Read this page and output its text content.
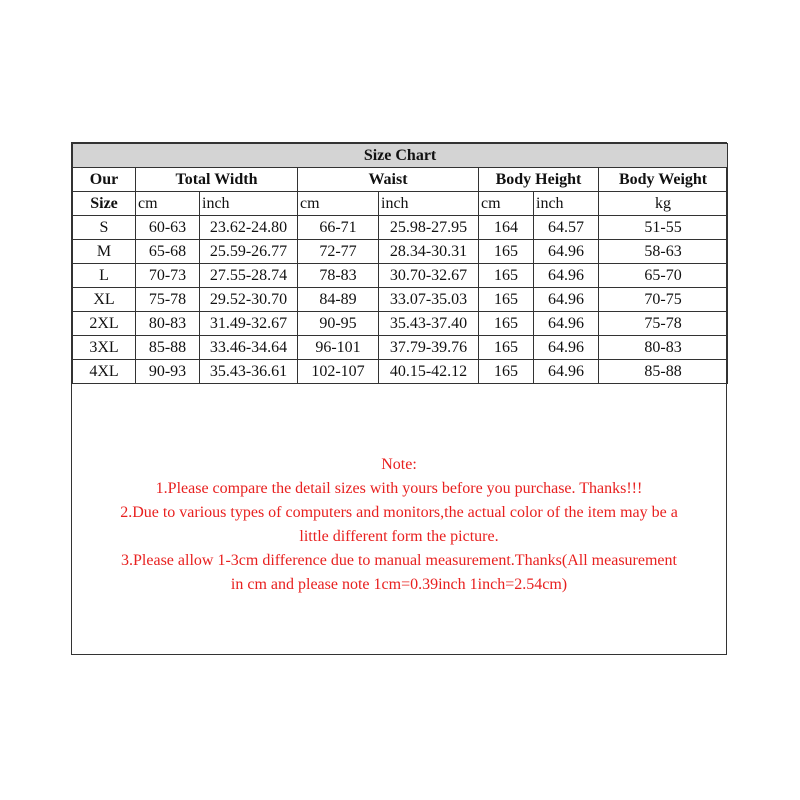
Size Chart							
Our	Total Width		Waist		Body Height		Body Weight
Size	cm	inch	cm	inch	cm	inch	kg
S	60-63	23.62-24.80	66-71	25.98-27.95	164	64.57	51-55
M	65-68	25.59-26.77	72-77	28.34-30.31	165	64.96	58-63
L	70-73	27.55-28.74	78-83	30.70-32.67	165	64.96	65-70
XL	75-78	29.52-30.70	84-89	33.07-35.03	165	64.96	70-75
2XL	80-83	31.49-32.67	90-95	35.43-37.40	165	64.96	75-78
3XL	85-88	33.46-34.64	96-101	37.79-39.76	165	64.96	80-83
4XL	90-93	35.43-36.61	102-107	40.15-42.12	165	64.96	85-88
Note:
1.Please compare the detail sizes with yours before you purchase. Thanks!!!
2.Due to various types of computers and monitors,the actual color of the item may be a
little different form the picture.
3.Please allow 1-3cm difference due to manual measurement.Thanks(All measurement
in cm and please note 1cm=0.39inch 1inch=2.54cm)
